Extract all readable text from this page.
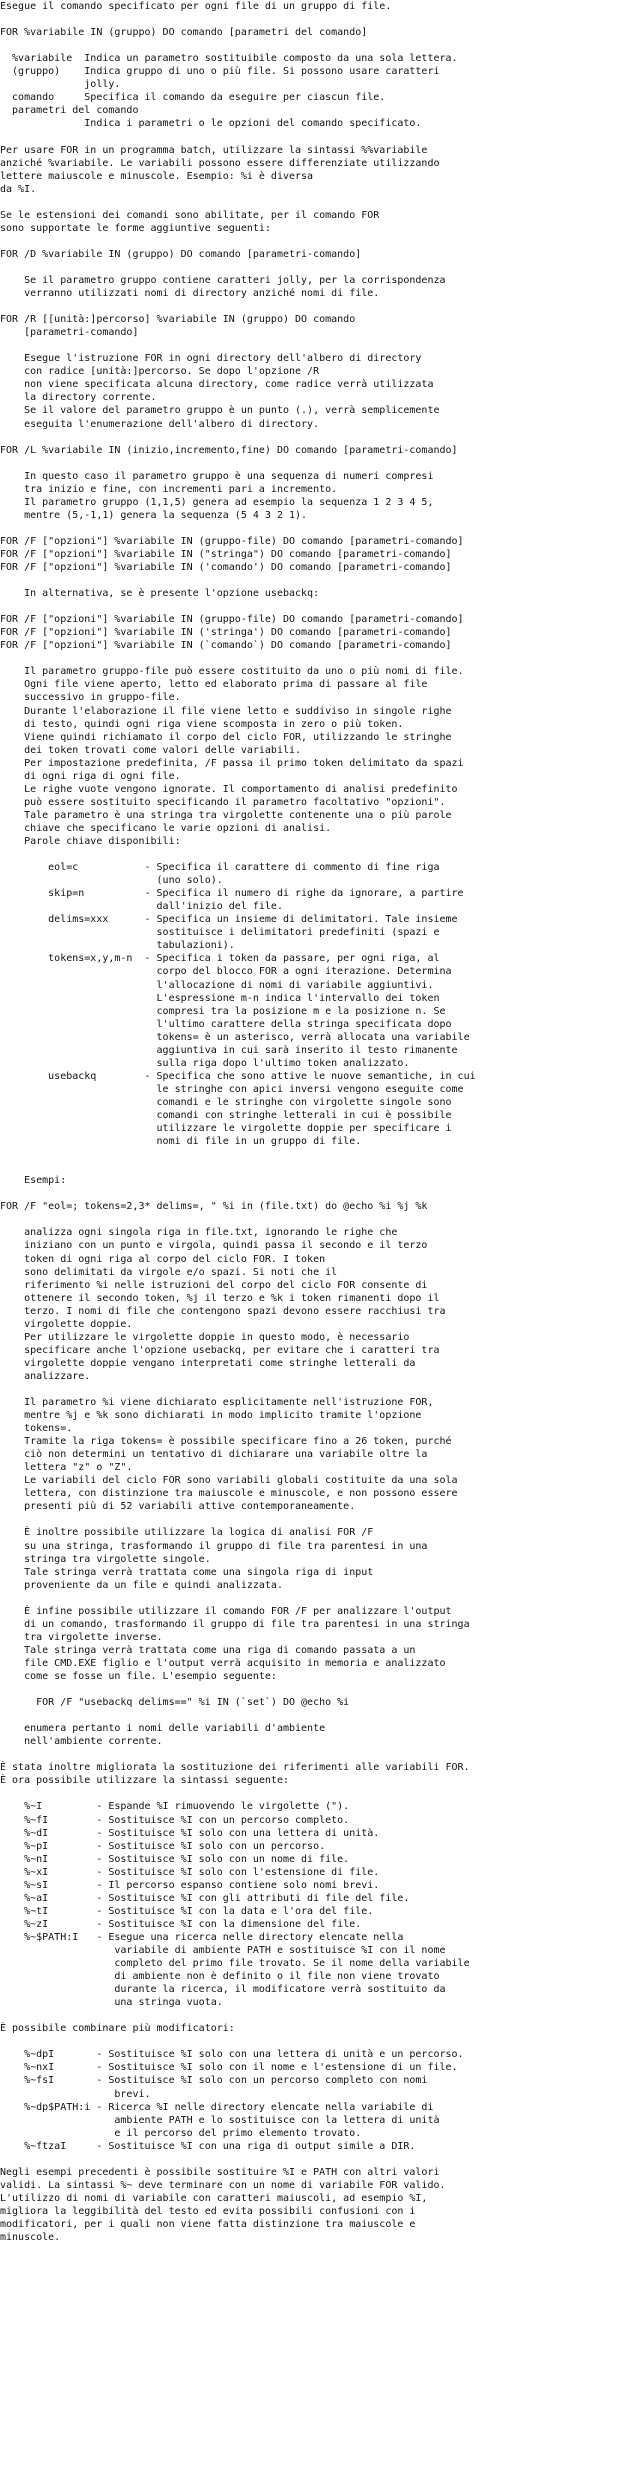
Esegue il comando specificato per ogni file di un gruppo di file.
FOR %variabile IN (gruppo) DO comando [parametri del comando]
%variabile  Indica un parametro sostituibile composto da una sola lettera.
(gruppo)    Indica gruppo di uno o più file. Si possono usare caratteri
jolly.
comando     Specifica il comando da eseguire per ciascun file.
parametri del comando
Indica i parametri o le opzioni del comando specificato.
Per usare FOR in un programma batch, utilizzare la sintassi %%variabile
anziché %variabile. Le variabili possono essere differenziate utilizzando
lettere maiuscole e minuscole. Esempio: %i è diversa
da %I.
Se le estensioni dei comandi sono abilitate, per il comando FOR
sono supportate le forme aggiuntive seguenti:
FOR /D %variabile IN (gruppo) DO comando [parametri-comando]
Se il parametro gruppo contiene caratteri jolly, per la corrispondenza
verranno utilizzati nomi di directory anziché nomi di file.
FOR /R [[unità:]percorso] %variabile IN (gruppo) DO comando
[parametri-comando]
Esegue l'istruzione FOR in ogni directory dell'albero di directory
con radice [unità:]percorso. Se dopo l'opzione /R
non viene specificata alcuna directory, come radice verrà utilizzata
la directory corrente.
Se il valore del parametro gruppo è un punto (.), verrà semplicemente
eseguita l'enumerazione dell'albero di directory.
FOR /L %variabile IN (inizio,incremento,fine) DO comando [parametri-comando]
In questo caso il parametro gruppo è una sequenza di numeri compresi
tra inizio e fine, con incrementi pari a incremento.
Il parametro gruppo (1,1,5) genera ad esempio la sequenza 1 2 3 4 5,
mentre (5,-1,1) genera la sequenza (5 4 3 2 1).
FOR /F ["opzioni"] %variabile IN (gruppo-file) DO comando [parametri-comando]
FOR /F ["opzioni"] %variabile IN ("stringa") DO comando [parametri-comando]
FOR /F ["opzioni"] %variabile IN ('comando') DO comando [parametri-comando]
In alternativa, se è presente l'opzione usebackq:
FOR /F ["opzioni"] %variabile IN (gruppo-file) DO comando [parametri-comando]
FOR /F ["opzioni"] %variabile IN ('stringa') DO comando [parametri-comando]
FOR /F ["opzioni"] %variabile IN (`comando`) DO comando [parametri-comando]
Il parametro gruppo-file può essere costituito da uno o più nomi di file.
Ogni file viene aperto, letto ed elaborato prima di passare al file
successivo in gruppo-file.
Durante l'elaborazione il file viene letto e suddiviso in singole righe
di testo, quindi ogni riga viene scomposta in zero o più token.
Viene quindi richiamato il corpo del ciclo FOR, utilizzando le stringhe
dei token trovati come valori delle variabili.
Per impostazione predefinita, /F passa il primo token delimitato da spazi
di ogni riga di ogni file.
Le righe vuote vengono ignorate. Il comportamento di analisi predefinito
può essere sostituito specificando il parametro facoltativo "opzioni".
Tale parametro è una stringa tra virgolette contenente una o più parole
chiave che specificano le varie opzioni di analisi.
Parole chiave disponibili:
eol=c           - Specifica il carattere di commento di fine riga
(uno solo).
skip=n          - Specifica il numero di righe da ignorare, a partire
dall'inizio del file.
delims=xxx      - Specifica un insieme di delimitatori. Tale insieme
sostituisce i delimitatori predefiniti (spazi e
tabulazioni).
tokens=x,y,m-n  - Specifica i token da passare, per ogni riga, al
corpo del blocco FOR a ogni iterazione. Determina
l'allocazione di nomi di variabile aggiuntivi.
L'espressione m-n indica l'intervallo dei token
compresi tra la posizione m e la posizione n. Se
l'ultimo carattere della stringa specificata dopo
tokens= è un asterisco, verrà allocata una variabile
aggiuntiva in cui sarà inserito il testo rimanente
sulla riga dopo l'ultimo token analizzato.
usebackq        - Specifica che sono attive le nuove semantiche, in cui
le stringhe con apici inversi vengono eseguite come
comandi e le stringhe con virgolette singole sono
comandi con stringhe letterali in cui è possibile
utilizzare le virgolette doppie per specificare i
nomi di file in un gruppo di file.
Esempi:
FOR /F "eol=; tokens=2,3* delims=, " %i in (file.txt) do @echo %i %j %k
analizza ogni singola riga in file.txt, ignorando le righe che
iniziano con un punto e virgola, quindi passa il secondo e il terzo
token di ogni riga al corpo del ciclo FOR. I token
sono delimitati da virgole e/o spazi. Si noti che il
riferimento %i nelle istruzioni del corpo del ciclo FOR consente di
ottenere il secondo token, %j il terzo e %k i token rimanenti dopo il
terzo. I nomi di file che contengono spazi devono essere racchiusi tra
virgolette doppie.
Per utilizzare le virgolette doppie in questo modo, è necessario
specificare anche l'opzione usebackq, per evitare che i caratteri tra
virgolette doppie vengano interpretati come stringhe letterali da
analizzare.
Il parametro %i viene dichiarato esplicitamente nell'istruzione FOR,
mentre %j e %k sono dichiarati in modo implicito tramite l'opzione
tokens=.
Tramite la riga tokens= è possibile specificare fino a 26 token, purché
ciò non determini un tentativo di dichiarare una variabile oltre la
lettera "z" o "Z".
Le variabili del ciclo FOR sono variabili globali costituite da una sola
lettera, con distinzione tra maiuscole e minuscole, e non possono essere
presenti più di 52 variabili attive contemporaneamente.
È inoltre possibile utilizzare la logica di analisi FOR /F
su una stringa, trasformando il gruppo di file tra parentesi in una
stringa tra virgolette singole.
Tale stringa verrà trattata come una singola riga di input
proveniente da un file e quindi analizzata.
È infine possibile utilizzare il comando FOR /F per analizzare l'output
di un comando, trasformando il gruppo di file tra parentesi in una stringa
tra virgolette inverse.
Tale stringa verrà trattata come una riga di comando passata a un
file CMD.EXE figlio e l'output verrà acquisito in memoria e analizzato
come se fosse un file. L'esempio seguente:
FOR /F "usebackq delims==" %i IN (`set`) DO @echo %i
enumera pertanto i nomi delle variabili d'ambiente
nell'ambiente corrente.
È stata inoltre migliorata la sostituzione dei riferimenti alle variabili FOR.
È ora possibile utilizzare la sintassi seguente:
%~I         - Espande %I rimuovendo le virgolette (").
%~fI        - Sostituisce %I con un percorso completo.
%~dI        - Sostituisce %I solo con una lettera di unità.
%~pI        - Sostituisce %I solo con un percorso.
%~nI        - Sostituisce %I solo con un nome di file.
%~xI        - Sostituisce %I solo con l'estensione di file.
%~sI        - Il percorso espanso contiene solo nomi brevi.
%~aI        - Sostituisce %I con gli attributi di file del file.
%~tI        - Sostituisce %I con la data e l'ora del file.
%~zI        - Sostituisce %I con la dimensione del file.
%~$PATH:I   - Esegue una ricerca nelle directory elencate nella
variabile di ambiente PATH e sostituisce %I con il nome
completo del primo file trovato. Se il nome della variabile
di ambiente non è definito o il file non viene trovato
durante la ricerca, il modificatore verrà sostituito da
una stringa vuota.
È possibile combinare più modificatori:
%~dpI       - Sostituisce %I solo con una lettera di unità e un percorso.
%~nxI       - Sostituisce %I solo con il nome e l'estensione di un file.
%~fsI       - Sostituisce %I solo con un percorso completo con nomi
brevi.
%~dp$PATH:i - Ricerca %I nelle directory elencate nella variabile di
ambiente PATH e lo sostituisce con la lettera di unità
e il percorso del primo elemento trovato.
%~ftzaI     - Sostituisce %I con una riga di output simile a DIR.
Negli esempi precedenti è possibile sostituire %I e PATH con altri valori
validi. La sintassi %~ deve terminare con un nome di variabile FOR valido.
L'utilizzo di nomi di variabile con caratteri maiuscoli, ad esempio %I,
migliora la leggibilità del testo ed evita possibili confusioni con i
modificatori, per i quali non viene fatta distinzione tra maiuscole e
minuscole.
